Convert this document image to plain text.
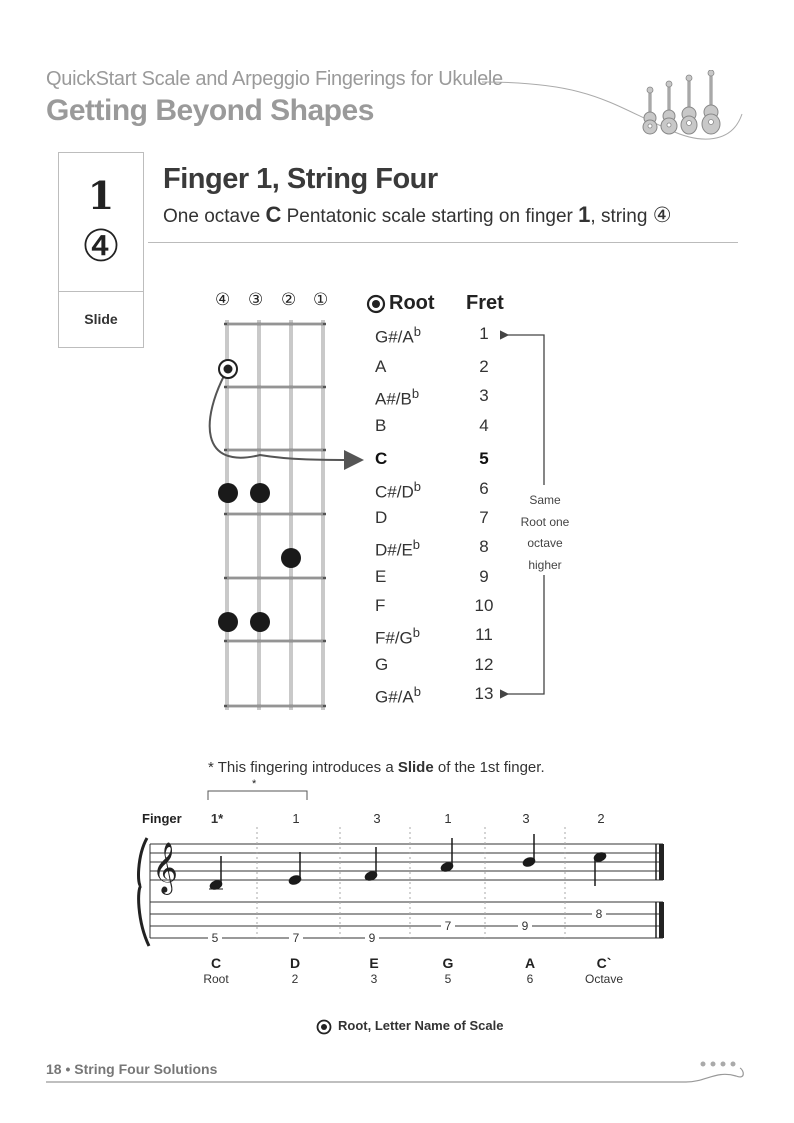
QuickStart Scale and Arpeggio Fingerings for Ukulele
Getting Beyond Shapes
1
④
Slide
Finger 1, String Four
One octave C Pentatonic scale starting on finger 1, string ④
④ ③ ② ①	Root Fret
$G\#/A^b$	1
A	2
$A\#/B^b$	3
B	4
C	5
$C\#/D^b$	6
D	7
$D\#/E^b$	8
E	9
F	10
$F\#/G^b$	11
G	12
$G\#/A^b$	13
Same
Root one
octave
higher
* This fingering introduces a Slide of the 1st finger.
*
Finger	1*	1	3	1	3	2
𝄞
5	7	9
7	9
8
C	D	E	G	A	C`
Root	2	3	5	6	Octave
Root, Letter Name of Scale
18 • String Four Solutions
